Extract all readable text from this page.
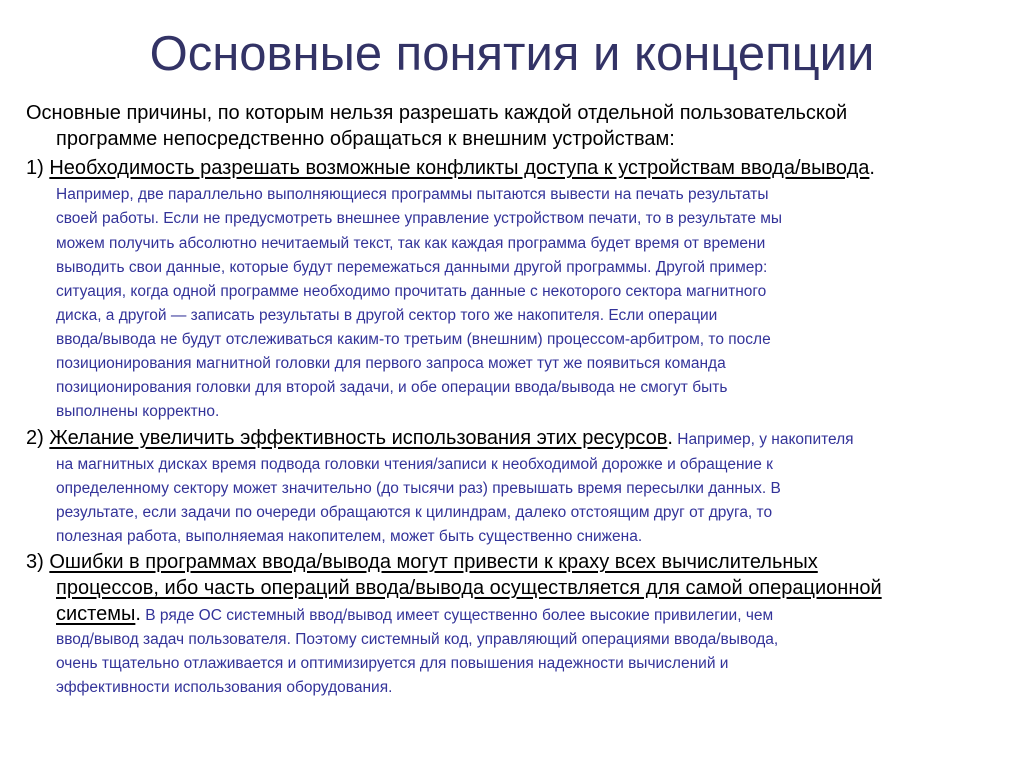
Основные понятия и концепции
Основные причины, по которым нельзя разрешать каждой отдельной пользовательской
программе непосредственно обращаться к внешним устройствам:
1) Необходимость разрешать возможные конфликты доступа к устройствам ввода/вывода.
Например, две параллельно выполняющиеся программы пытаются вывести на печать результаты
своей работы. Если не предусмотреть внешнее управление устройством печати, то в результате мы
можем получить абсолютно нечитаемый текст, так как каждая программа будет время от времени
выводить свои данные, которые будут перемежаться данными другой программы. Другой пример:
ситуация, когда одной программе необходимо прочитать данные с некоторого сектора магнитного
диска, а другой — записать результаты в другой сектор того же накопителя. Если операции
ввода/вывода не будут отслеживаться каким-то третьим (внешним) процессом-арбитром, то после
позиционирования магнитной головки для первого запроса может тут же появиться команда
позиционирования головки для второй задачи, и обе операции ввода/вывода не смогут быть
выполнены корректно.
2) Желание увеличить эффективность использования этих ресурсов. Например, у накопителя
на магнитных дисках время подвода головки чтения/записи к необходимой дорожке и обращение к
определенному сектору может значительно (до тысячи раз) превышать время пересылки данных. В
результате, если задачи по очереди обращаются к цилиндрам, далеко отстоящим друг от друга, то
полезная работа, выполняемая накопителем, может быть существенно снижена.
3) Ошибки в программах ввода/вывода могут привести к краху всех вычислительных
процессов, ибо часть операций ввода/вывода осуществляется для самой операционной
системы. В ряде ОС системный ввод/вывод имеет существенно более высокие привилегии, чем
ввод/вывод задач пользователя. Поэтому системный код, управляющий операциями ввода/вывода,
очень тщательно отлаживается и оптимизируется для повышения надежности вычислений и
эффективности использования оборудования.
